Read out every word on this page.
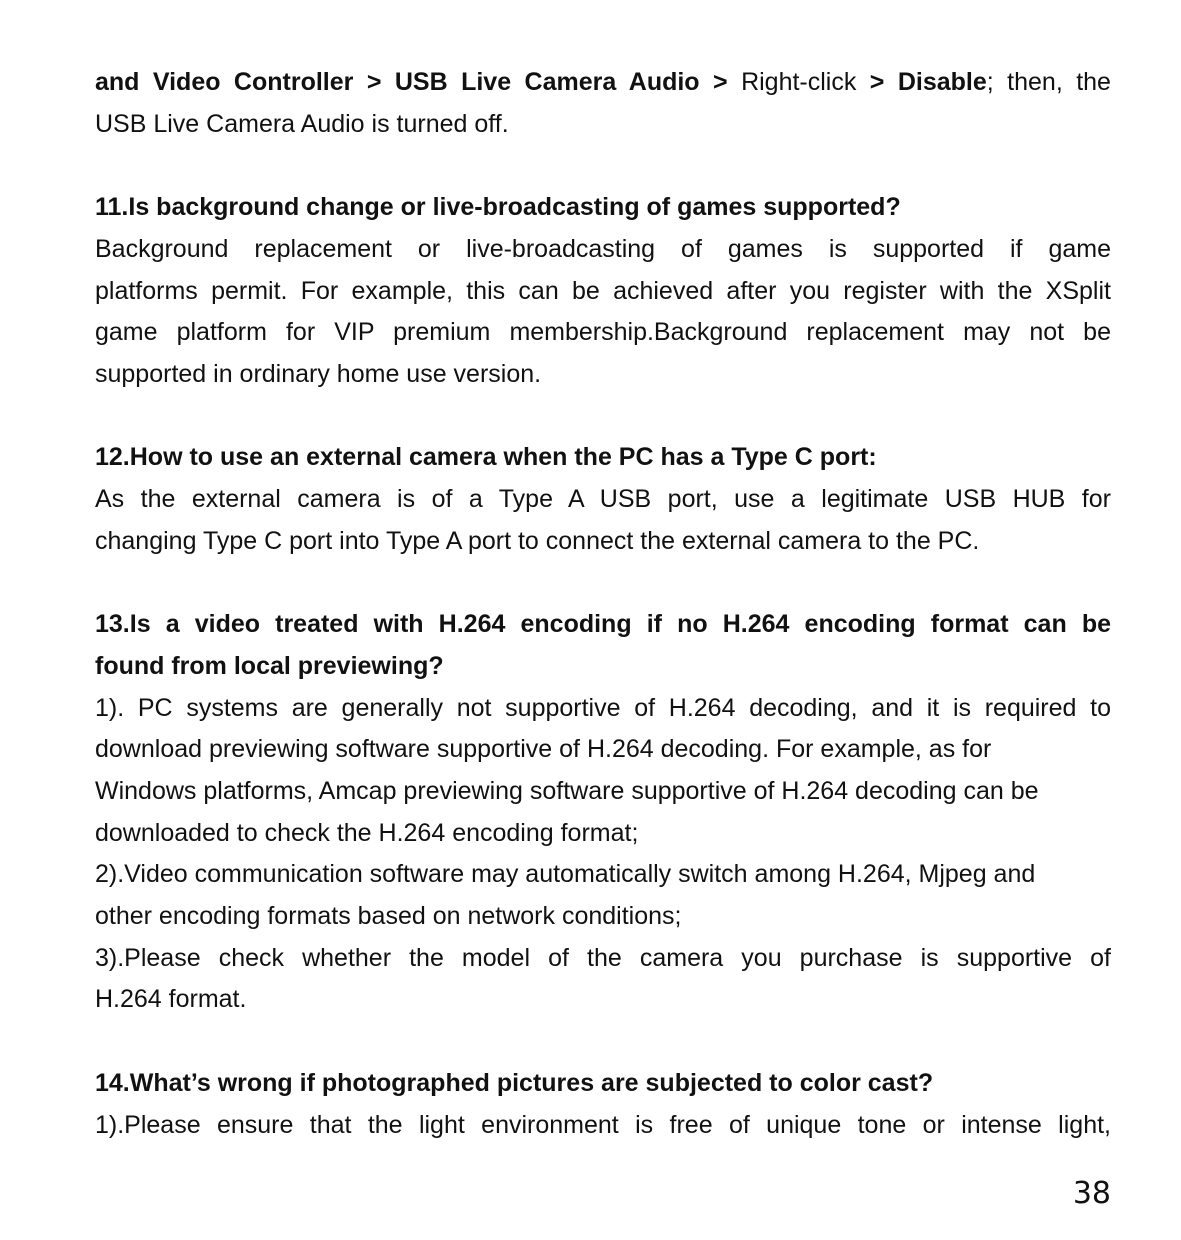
and Video Controller > USB Live Camera Audio > Right-click > Disable; then, the

USB Live Camera Audio is turned off.

11.Is background change or live-broadcasting of games supported?

Background replacement or live-broadcasting of games is supported if game

platforms permit. For example, this can be achieved after you register with the XSplit

game platform for VIP premium membership.Background replacement may not be

supported in ordinary home use version.

12.How to use an external camera when the PC has a Type C port:

As the external camera is of a Type A USB port, use a legitimate USB HUB for

changing Type C port into Type A port to connect the external camera to the PC.

13.Is a video treated with H.264 encoding if no H.264 encoding format can be

found from local previewing?

1). PC systems are generally not supportive of H.264 decoding, and it is required to

download previewing software supportive of H.264 decoding. For example, as for

Windows platforms, Amcap previewing software supportive of H.264 decoding can be

downloaded to check the H.264 encoding format;

2).Video communication software may automatically switch among H.264, Mjpeg and

other encoding formats based on network conditions;

3).Please check whether the model of the camera you purchase is supportive of

H.264 format.

14.What’s wrong if photographed pictures are subjected to color cast?

1).Please ensure that the light environment is free of unique tone or intense light,

38
